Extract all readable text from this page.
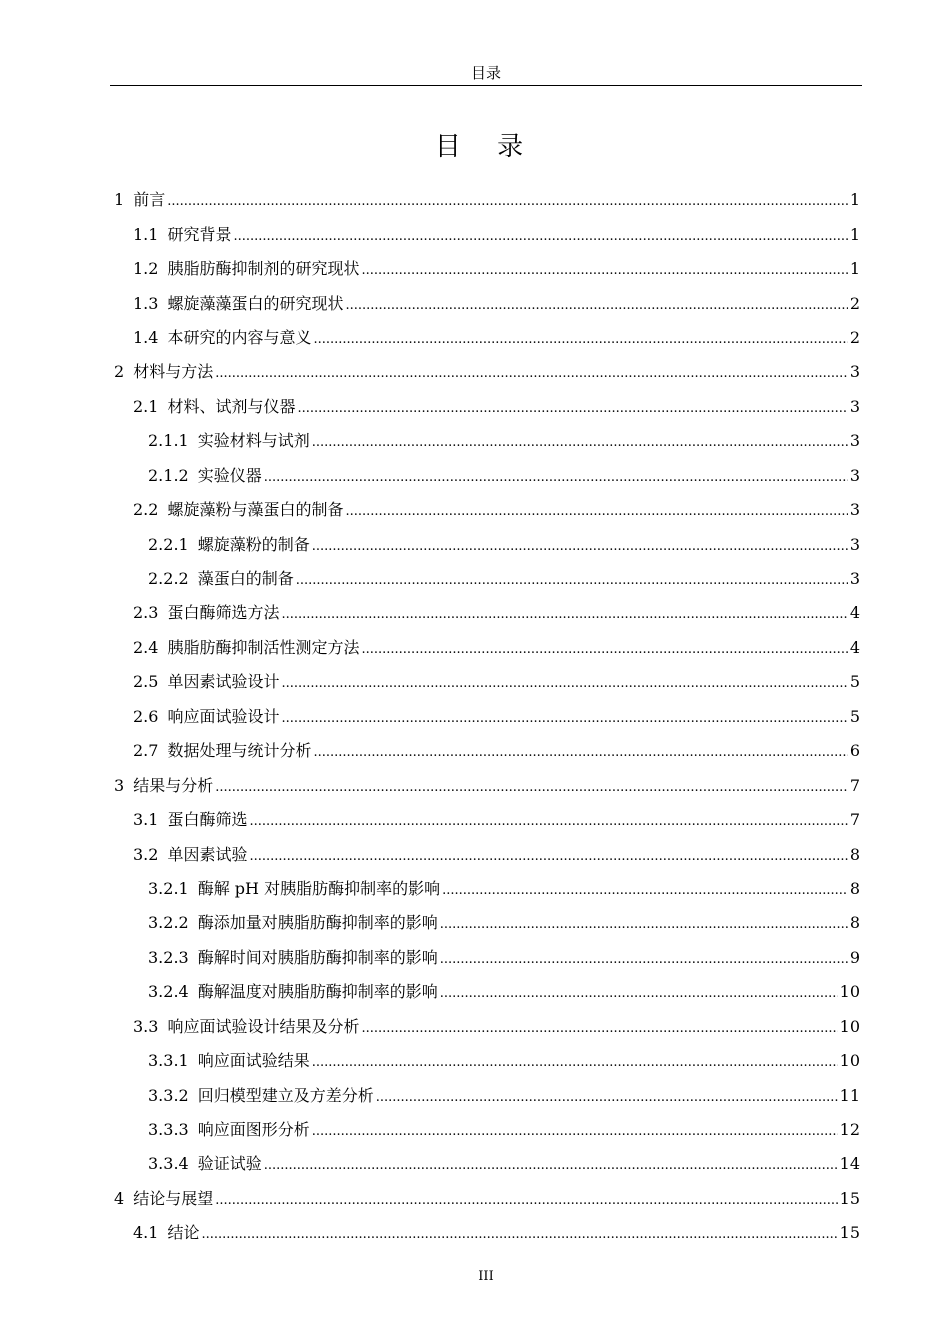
目录
目 录
1 前言 .....	1
1.1 研究背景 .....	1
1.2 胰脂肪酶抑制剂的研究现状 .....	1
1.3 螺旋藻藻蛋白的研究现状 .....	2
1.4 本研究的内容与意义 .....	2
2 材料与方法 .....	3
2.1 材料、试剂与仪器 .....	3
2.1.1 实验材料与试剂 .....	3
2.1.2 实验仪器 .....	3
2.2 螺旋藻粉与藻蛋白的制备 .....	3
2.2.1 螺旋藻粉的制备 .....	3
2.2.2 藻蛋白的制备 .....	3
2.3 蛋白酶筛选方法 .....	4
2.4 胰脂肪酶抑制活性测定方法 .....	4
2.5 单因素试验设计 .....	5
2.6 响应面试验设计 .....	5
2.7 数据处理与统计分析 .....	6
3 结果与分析 .....	7
3.1 蛋白酶筛选 .....	7
3.2 单因素试验 .....	8
3.2.1 酶解 pH 对胰脂肪酶抑制率的影响 .....	8
3.2.2 酶添加量对胰脂肪酶抑制率的影响 .....	8
3.2.3 酶解时间对胰脂肪酶抑制率的影响 .....	9
3.2.4 酶解温度对胰脂肪酶抑制率的影响 .....	10
3.3 响应面试验设计结果及分析 .....	10
3.3.1 响应面试验结果 .....	10
3.3.2 回归模型建立及方差分析 .....	11
3.3.3 响应面图形分析 .....	12
3.3.4 验证试验 .....	14
4 结论与展望 .....	15
4.1 结论 .....	15
III
